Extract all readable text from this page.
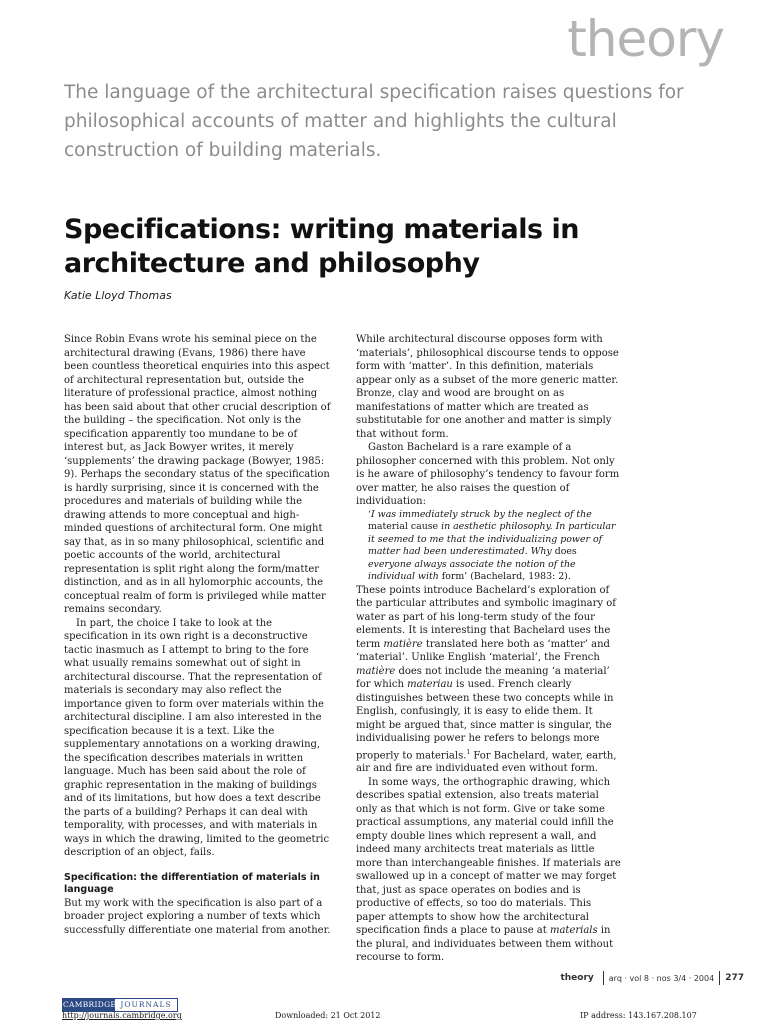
theory
The language of the architectural specification raises questions for philosophical accounts of matter and highlights the cultural construction of building materials.
Specifications: writing materials in architecture and philosophy
Katie Lloyd Thomas

Since Robin Evans wrote his seminal piece on the architectural drawing (Evans, 1986) there have been countless theoretical enquiries into this aspect of architectural representation but, outside the literature of professional practice, almost nothing has been said about that other crucial description of the building – the specification. Not only is the specification apparently too mundane to be of interest but, as Jack Bowyer writes, it merely ‘supplements’ the drawing package (Bowyer, 1985: 9). Perhaps the secondary status of the specification is hardly surprising, since it is concerned with the procedures and materials of building while the drawing attends to more conceptual and high-minded questions of architectural form. One might say that, as in so many philosophical, scientific and poetic accounts of the world, architectural representation is split right along the form/matter distinction, and as in all hylomorphic accounts, the conceptual realm of form is privileged while matter remains secondary.

In part, the choice I take to look at the specification in its own right is a deconstructive tactic inasmuch as I attempt to bring to the fore what usually remains somewhat out of sight in architectural discourse. That the representation of materials is secondary may also reflect the importance given to form over materials within the architectural discipline. I am also interested in the specification because it is a text. Like the supplementary annotations on a working drawing, the specification describes materials in written language. Much has been said about the role of graphic representation in the making of buildings and of its limitations, but how does a text describe the parts of a building? Perhaps it can deal with temporality, with processes, and with materials in ways in which the drawing, limited to the geometric description of an object, fails.

Specification: the differentiation of materials in language

But my work with the specification is also part of a broader project exploring a number of texts which successfully differentiate one material from another.

While architectural discourse opposes form with ‘materials’, philosophical discourse tends to oppose form with ‘matter’. In this definition, materials appear only as a subset of the more generic matter. Bronze, clay and wood are brought on as manifestations of matter which are treated as substitutable for one another and matter is simply that without form.

Gaston Bachelard is a rare example of a philosopher concerned with this problem. Not only is he aware of philosophy’s tendency to favour form over matter, he also raises the question of individuation:

‘I was immediately struck by the neglect of the material cause in aesthetic philosophy. In particular it seemed to me that the individualizing power of matter had been underestimated. Why does everyone always associate the notion of the individual with form’ (Bachelard, 1983: 2).

These points introduce Bachelard’s exploration of the particular attributes and symbolic imaginary of water as part of his long-term study of the four elements. It is interesting that Bachelard uses the term matière translated here both as ‘matter’ and ‘material’. Unlike English ‘material’, the French matière does not include the meaning ‘a material’ for which materiau is used. French clearly distinguishes between these two concepts while in English, confusingly, it is easy to elide them. It might be argued that, since matter is singular, the individualising power he refers to belongs more properly to materials.$^1$ For Bachelard, water, earth, air and fire are individuated even without form.

In some ways, the orthographic drawing, which describes spatial extension, also treats material only as that which is not form. Give or take some practical assumptions, any material could infill the empty double lines which represent a wall, and indeed many architects treat materials as little more than interchangeable finishes. If materials are swallowed up in a concept of matter we may forget that, just as space operates on bodies and is productive of effects, so too do materials. This paper attempts to show how the architectural specification finds a place to pause at materials in the plural, and individuates between them without recourse to form.

theory arq · vol 8 · nos 3/4 · 2004 277
CAMBRIDGE JOURNALS
http://journals.cambridge.org	Downloaded: 21 Oct 2012	IP address: 143.167.208.107
